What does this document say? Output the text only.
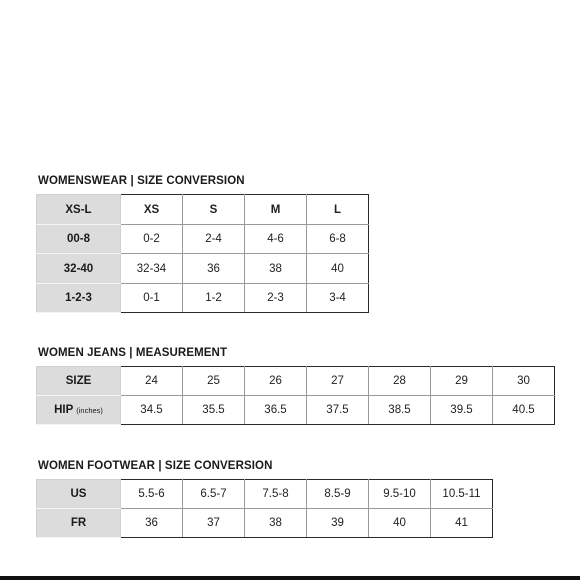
WOMENSWEAR | SIZE CONVERSION
XS-L	XS	S	M	L
00-8	0-2	2-4	4-6	6-8
32-40	32-34	36	38	40
1-2-3	0-1	1-2	2-3	3-4
WOMEN JEANS | MEASUREMENT
SIZE	24	25	26	27	28	29	30
HIP (inches)	34.5	35.5	36.5	37.5	38.5	39.5	40.5
WOMEN FOOTWEAR | SIZE CONVERSION
US	5.5-6	6.5-7	7.5-8	8.5-9	9.5-10	10.5-11
FR	36	37	38	39	40	41
